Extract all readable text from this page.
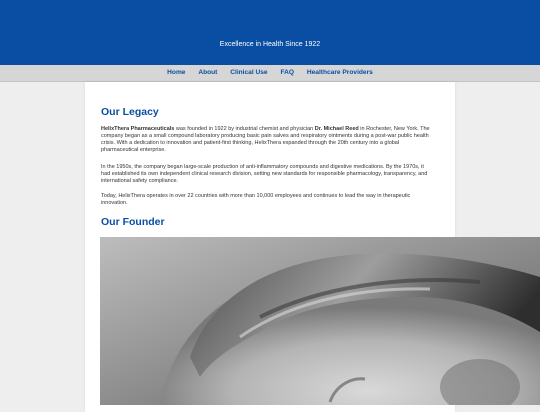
Excellence in Health Since 1922
Home About Clinical Use FAQ Healthcare Providers
Our Legacy

HelixThera Pharmaceuticals was founded in 1922 by industrial chemist and physician Dr. Michael Reed in Rochester, New York. The company began as a small compound laboratory producing basic pain salves and respiratory ointments during a post-war public health crisis. With a dedication to innovation and patient-first thinking, HelixThera expanded through the 20th century into a global pharmaceutical enterprise.

In the 1950s, the company began large-scale production of anti-inflammatory compounds and digestive medications. By the 1970s, it had established its own independent clinical research division, setting new standards for responsible pharmacology, transparency, and international safety compliance.

Today, HelixThera operates in over 22 countries with more than 10,000 employees and continues to lead the way in therapeutic innovation.

Our Founder
